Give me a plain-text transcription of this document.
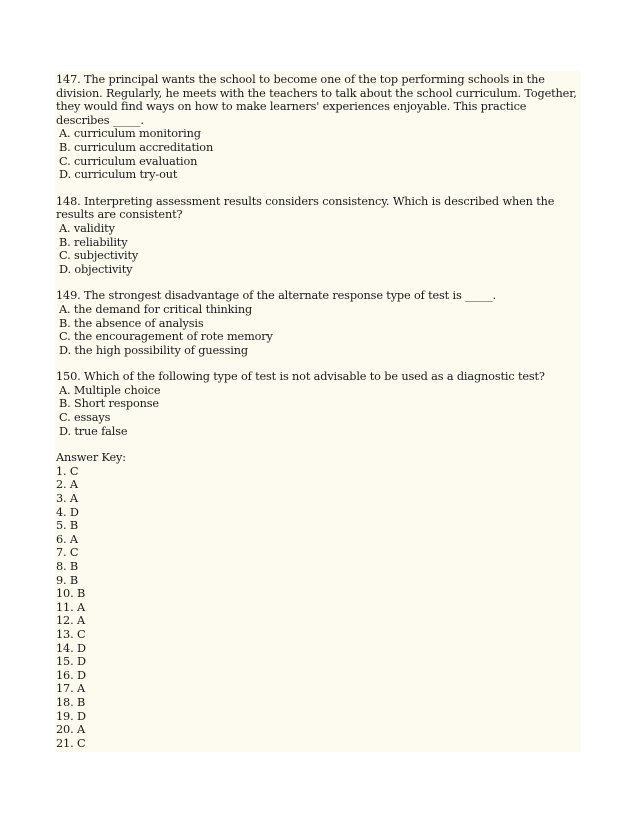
147. The principal wants the school to become one of the top performing schools in the division. Regularly, he meets with the teachers to talk about the school curriculum. Together, they would find ways on how to make learners' experiences enjoyable. This practice describes _____.
A. curriculum monitoring
B. curriculum accreditation
C. curriculum evaluation
D. curriculum try-out
148. Interpreting assessment results considers consistency. Which is described when the results are consistent?
A. validity
B. reliability
C. subjectivity
D. objectivity
149. The strongest disadvantage of the alternate response type of test is _____.
A. the demand for critical thinking
B. the absence of analysis
C. the encouragement of rote memory
D. the high possibility of guessing
150. Which of the following type of test is not advisable to be used as a diagnostic test?
A. Multiple choice
B. Short response
C. essays
D. true false
Answer Key:
1. C
2. A
3. A
4. D
5. B
6. A
7. C
8. B
9. B
10. B
11. A
12. A
13. C
14. D
15. D
16. D
17. A
18. B
19. D
20. A
21. C
